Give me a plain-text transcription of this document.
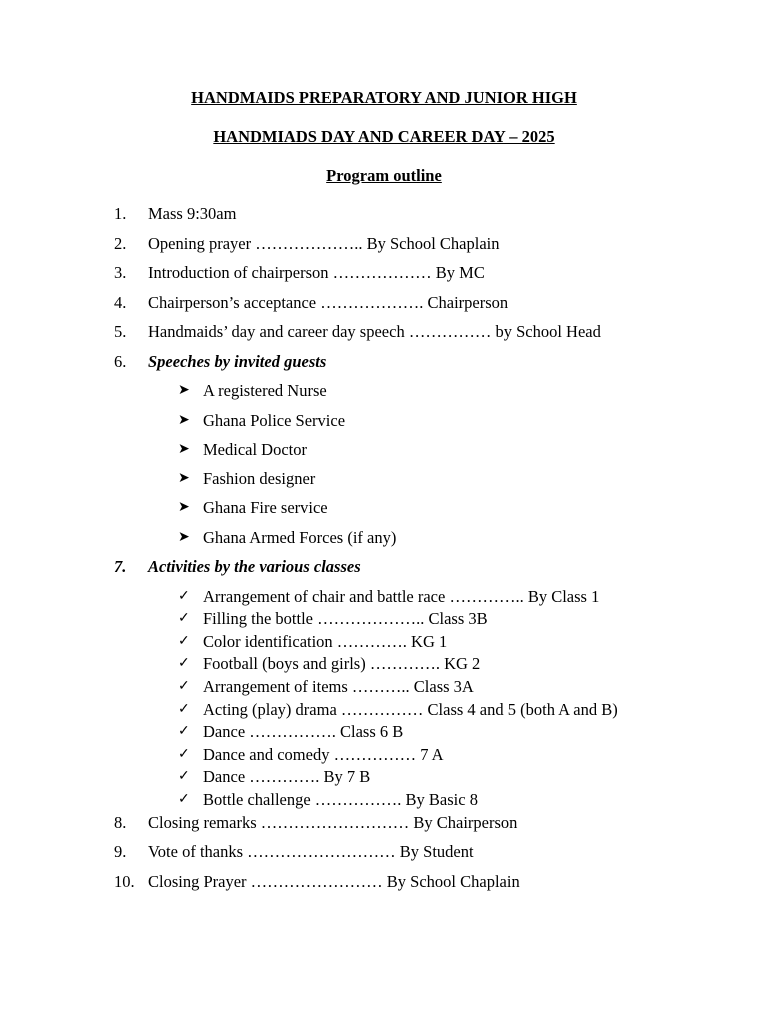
HANDMAIDS PREPARATORY AND JUNIOR HIGH
HANDMIADS DAY AND CAREER DAY – 2025
Program outline
1. Mass 9:30am
2. Opening prayer ……………….. By School Chaplain
3. Introduction of chairperson ……………… By MC
4. Chairperson’s acceptance ………………. Chairperson
5. Handmaids’ day and career day speech …………… by School Head
6. Speeches by invited guests
➤ A registered Nurse
➤ Ghana Police Service
➤ Medical Doctor
➤ Fashion designer
➤ Ghana Fire service
➤ Ghana Armed Forces (if any)
7. Activities by the various classes
✓ Arrangement of chair and battle race ………….. By Class 1
✓ Filling the bottle ……………….. Class 3B
✓ Color identification …………. KG 1
✓ Football (boys and girls) …………. KG 2
✓ Arrangement of items ……….. Class 3A
✓ Acting (play) drama …………… Class 4 and 5 (both A and B)
✓ Dance ……………. Class 6 B
✓ Dance and comedy …………… 7 A
✓ Dance …………. By 7 B
✓ Bottle challenge ……………. By Basic 8
8. Closing remarks ……………………… By Chairperson
9. Vote of thanks ……………………… By Student
10. Closing Prayer …………………… By School Chaplain
